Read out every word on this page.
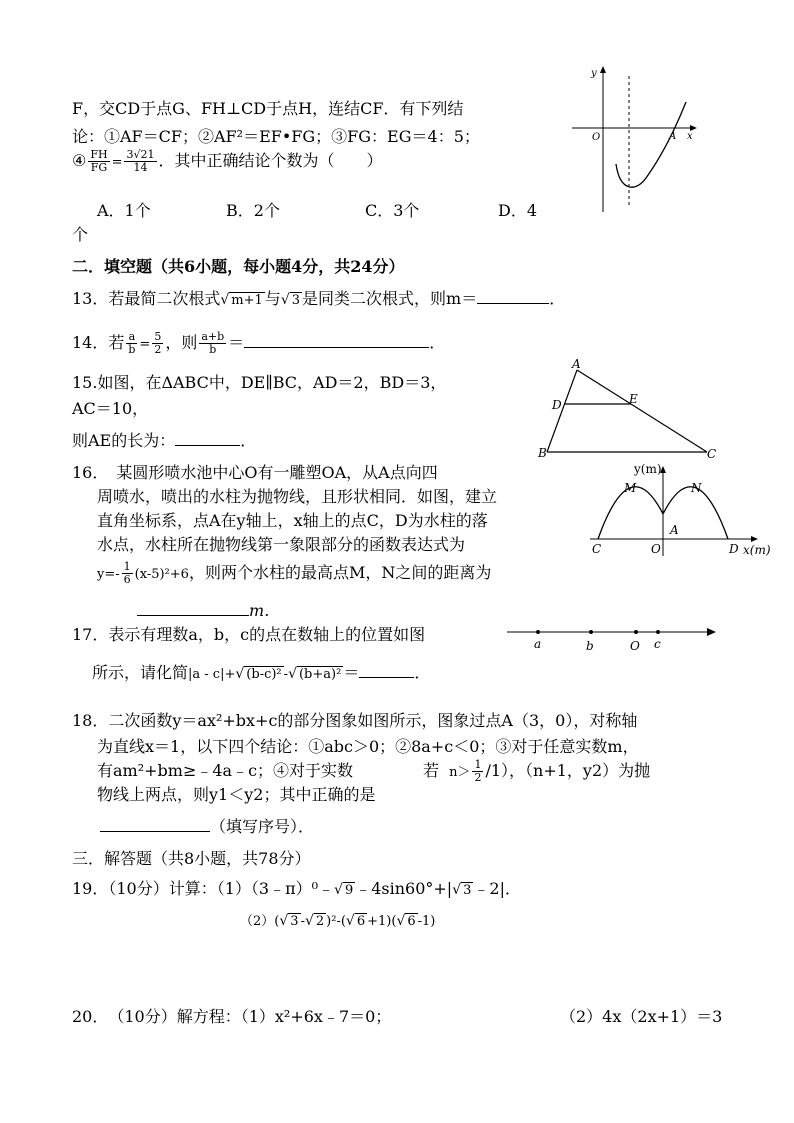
F，交CD于点G、FH⊥CD于点H，连结CF．有下列结
论：①AF＝CF；②AF²＝EF•FG；③FG：EG＝4：5；
④ $\frac{FH}{FG} = \frac{3√21}{14}$ ．其中正确结论个数为（　　）
A．1个	B．2个	C．3个	D．4
个
y
O	A x
二．填空题（共6小题，每小题4分，共24分）
13．若最简二次根式√ m+1 与√ 3 是同类二次根式，则m＝	．
14．若 $\frac{a}{b} = \frac{5}{2}$ ，则 $\frac{a+b}{b}$ ＝	．
15.如图，在ΔABC中，DE∥BC，AD＝2，BD＝3，
AC＝10，
则AE的长为：	．
A
B	C
D	E
16．　某圆形喷水池中心O有一雕塑OA，从A点向四
周喷水，喷出的水柱为抛物线，且形状相同．如图，建立
直角坐标系，点A在y轴上，x轴上的点C，D为水柱的落
水点，水柱所在抛物线第一象限部分的函数表达式为
$y=- \frac{1}{6} (x-5)^2+6$，则两个水柱的最高点M，N之间的距离为
m．
y(m)
x(m)
M	N
A
C	O	D
17．表示有理数a，b，c的点在数轴上的位置如图
所示，请化简|a - c|+√ (b-c)² -√ (b+a)² ＝	．
a	b	O c
18．二次函数y＝ax²+bx+c的部分图象如图所示，图象过点A（3，0），对称轴
为直线x＝1，以下四个结论：①abc＞0；②8a+c＜0；③对于任意实数m，
有am²+bm≥﹣4a﹣c；④对于实数	若 $n> \frac{1}{2} /1$），（n+1，y2）为抛
物线上两点，则y1＜y2；其中正确的是
（填写序号）．
三．解答题（共8小题，共78分）
19．（10分）计算：（1）（3﹣π）⁰﹣√ 9 ﹣4sin60°+|√ 3 ﹣2|．
（2）(√ 3 -√ 2 )²-(√ 6 +1)(√ 6 -1)
20．　（10分）解方程：（1）x²+6x﹣7＝0；	（2）4x（2x+1）＝3
